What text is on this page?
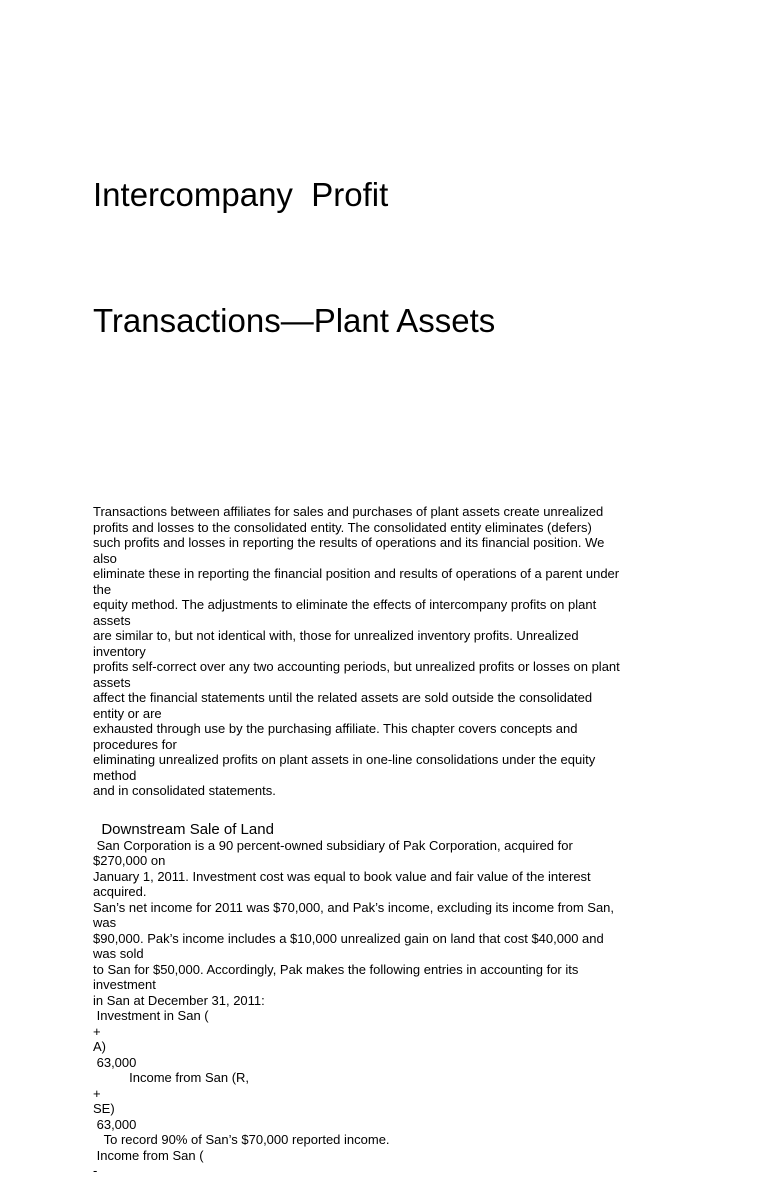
Intercompany  Profit

Transactions—Plant Assets

Transactions between affiliates for sales and purchases of plant assets create unrealized
profits and losses to the consolidated entity. The consolidated entity eliminates (defers)
such profits and losses in reporting the results of operations and its financial position. We
also
eliminate these in reporting the financial position and results of operations of a parent under
the
equity method. The adjustments to eliminate the effects of intercompany profits on plant
assets
are similar to, but not identical with, those for unrealized inventory profits. Unrealized
inventory
profits self-correct over any two accounting periods, but unrealized profits or losses on plant
assets
affect the financial statements until the related assets are sold outside the consolidated
entity or are
exhausted through use by the purchasing affiliate. This chapter covers concepts and
procedures for
eliminating unrealized profits on plant assets in one-line consolidations under the equity
method
and in consolidated statements.
Downstream Sale of Land
San Corporation is a 90 percent-owned subsidiary of Pak Corporation, acquired for
$270,000 on
January 1, 2011. Investment cost was equal to book value and fair value of the interest
acquired.
San’s net income for 2011 was $70,000, and Pak’s income, excluding its income from San,
was
$90,000. Pak’s income includes a $10,000 unrealized gain on land that cost $40,000 and
was sold
to San for $50,000. Accordingly, Pak makes the following entries in accounting for its
investment
in San at December 31, 2011:
Investment in San (
+
A)
63,000
Income from San (R,
+
SE)
63,000
To record 90% of San’s $70,000 reported income.
Income from San (
-
